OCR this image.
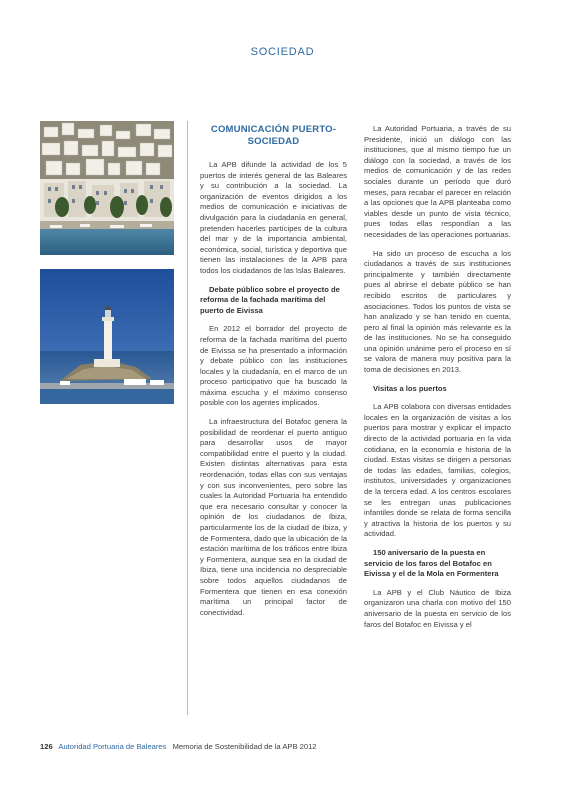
SOCIEDAD
COMUNICACIÓN PUERTO-SOCIEDAD

La APB difunde la actividad de los 5 puertos de interés general de las Baleares y su contribución a la sociedad. La organización de eventos dirigidos a los medios de comunicación e iniciativas de divulgación para la ciudadanía en general, pretenden hacerles partícipes de la cultura del mar y de la importancia ambiental, económica, social, turística y deportiva que tienen las instalaciones de la APB para todos los ciudadanos de las Islas Baleares.

Debate público sobre el proyecto de reforma de la fachada marítima del puerto de Eivissa

En 2012 el borrador del proyecto de reforma de la fachada marítima del puerto de Eivissa se ha presentado a información y debate público con las instituciones locales y la ciudadanía, en el marco de un proceso participativo que ha buscado la máxima escucha y el máximo consenso posible con los agentes implicados.

La infraestructura del Botafoc genera la posibilidad de reordenar el puerto antiguo para desarrollar usos de mayor compatibilidad entre el puerto y la ciudad. Existen distintas alternativas para esta reordenación, todas ellas con sus ventajas y con sus inconvenientes, pero sobre las cuales la Autoridad Portuaria ha entendido que era necesario consultar y conocer la opinión de los ciudadanos de Ibiza, particularmente los de la ciudad de Ibiza, y de Formentera, dado que la ubicación de la estación marítima de los tráficos entre Ibiza y Formentera, aunque sea en la ciudad de Ibiza, tiene una incidencia no despreciable sobre todos aquellos ciudadanos de Formentera que tienen en esa conexión marítima un principal factor de conectividad.

La Autoridad Portuaria, a través de su Presidente, inició un diálogo con las instituciones, que al mismo tiempo fue un diálogo con la sociedad, a través de los medios de comunicación y de las redes sociales durante un período que duró meses, para recabar el parecer en relación a las opciones que la APB planteaba como viables desde un punto de vista técnico, pues todas ellas respondían a las necesidades de las operaciones portuarias.

Ha sido un proceso de escucha a los ciudadanos a través de sus instituciones principalmente y también directamente pues al abrirse el debate público se han recibido escritos de particulares y asociaciones. Todos los puntos de vista se han analizado y se han tenido en cuenta, pero al final la opinión más relevante es la de las instituciones. No se ha conseguido una opinión unánime pero el proceso en sí se valora de manera muy positiva para la toma de decisiones en 2013.

Visitas a los puertos

La APB colabora con diversas entidades locales en la organización de visitas a los puertos para mostrar y explicar el impacto directo de la actividad portuaria en la vida cotidiana, en la economía e historia de la ciudad. Estas visitas se dirigen a personas de todas las edades, familias, colegios, institutos, universidades y organizaciones de la tercera edad. A los centros escolares se les entregan unas publicaciones infantiles donde se relata de forma sencilla y atractiva la historia de los puertos y su actividad.

150 aniversario de la puesta en servicio de los faros del Botafoc en Eivissa y el de la Mola en Formentera

La APB y el Club Náutico de Ibiza organizaron una charla con motivo del 150 aniversario de la puesta en servicio de los faros del Botafoc en Eivissa y el

126 Autoridad Portuaria de Baleares Memoria de Sostenibilidad de la APB 2012
